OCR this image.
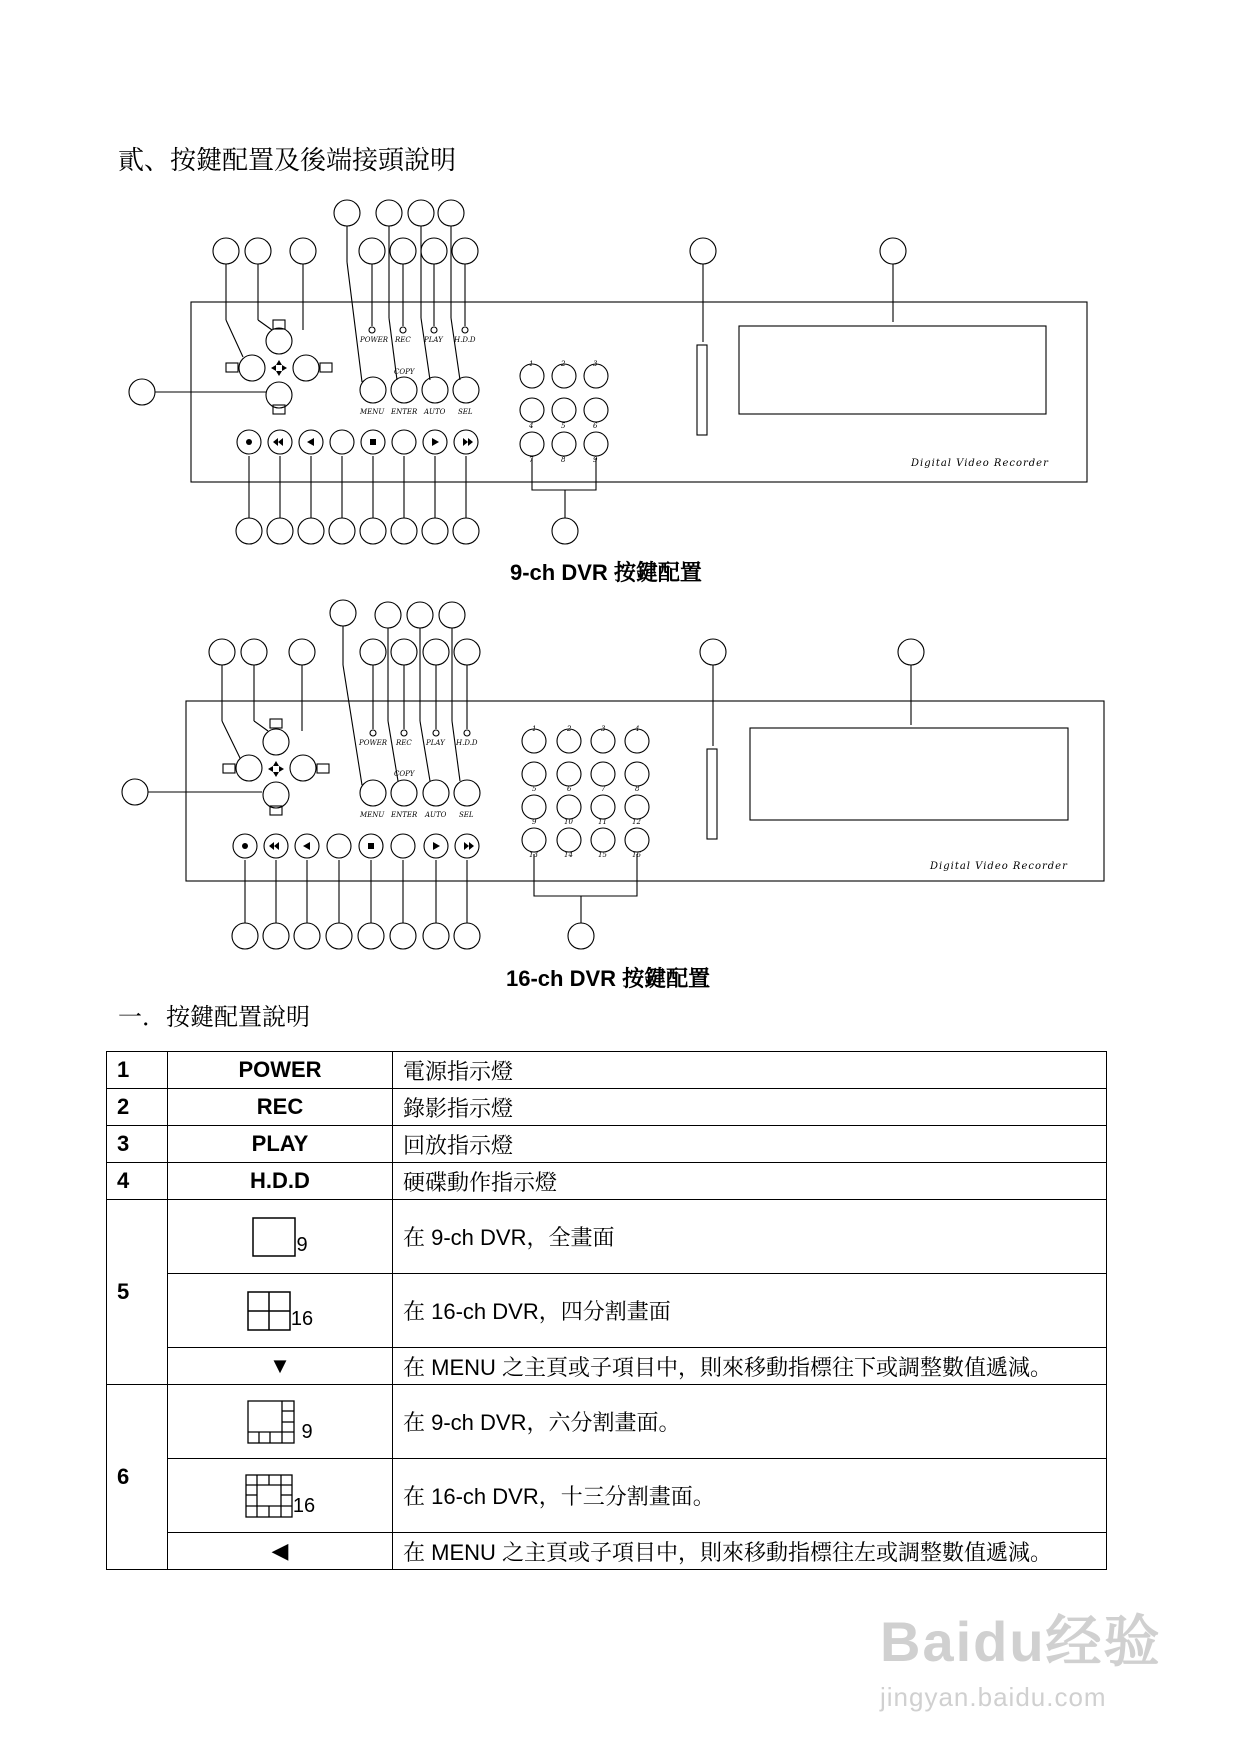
貳、按鍵配置及後端接頭說明
POWER REC PLAY H.D.D
COPY
MENU ENTER AUTO SEL
1	2	3
4	5	6
7	8	9	Digital Video Recorder
9-ch DVR 按鍵配置
POWER REC PLAY H.D.D
COPY
MENU ENTER AUTO SEL
1	2	3	4
5	6	7	8
9	10	11	12
13	14	15	16
Digital Video Recorder
16-ch DVR 按鍵配置
一．按鍵配置說明
1	POWER	電源指示燈
2	REC	錄影指示燈
3	PLAY	回放指示燈
4	H.D.D	硬碟動作指示燈
5	9	在 9-ch DVR，全畫面
	16	在 16-ch DVR，四分割畫面
	▼	在 MENU 之主頁或子項目中，則來移動指標往下或調整數值遞減。
6	9	在 9-ch DVR，六分割畫面。
	16	在 16-ch DVR，十三分割畫面。
	◀	在 MENU 之主頁或子項目中，則來移動指標往左或調整數值遞減。
Baidu经验
jingyan.baidu.com
